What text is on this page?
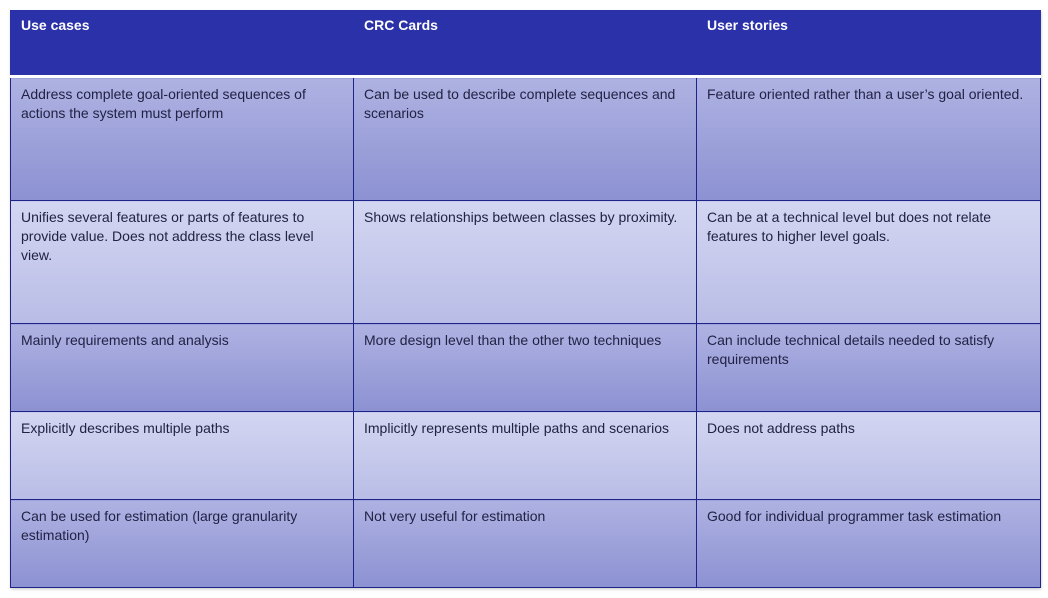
Use cases	CRC Cards	User stories
Address complete goal-oriented sequences of actions the system must perform	Can be used to describe complete sequences and scenarios	Feature oriented rather than a user’s goal oriented.
Unifies several features or parts of features to provide value. Does not address the class level view.	Shows relationships between classes by proximity.	Can be at a technical level but does not relate features to higher level goals.
Mainly requirements and analysis	More design level than the other two techniques	Can include technical details needed to satisfy requirements
Explicitly describes multiple paths	Implicitly represents multiple paths and scenarios	Does not address paths
Can be used for estimation (large granularity estimation)	Not very useful for estimation	Good for individual programmer task estimation
